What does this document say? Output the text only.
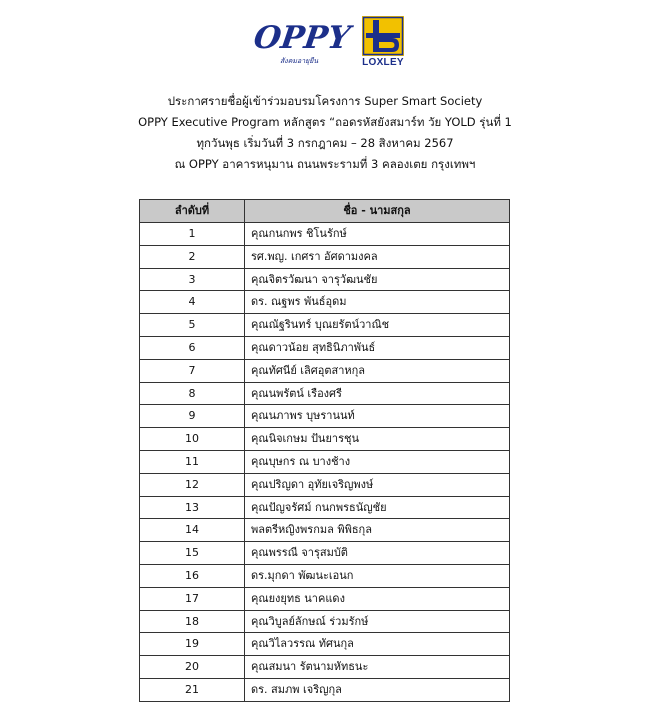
OPPY
สังคมอายุยืน	LOXLEY
ประกาศรายชื่อผู้เข้าร่วมอบรมโครงการ Super Smart Society
OPPY Executive Program หลักสูตร “ถอดรหัสยังสมาร์ท วัย YOLD รุ่นที่ 1
ทุกวันพุธ เริ่มวันที่ 3 กรกฎาคม – 28 สิงหาคม 2567
ณ OPPY อาคารหนุมาน ถนนพระรามที่ 3 คลองเตย กรุงเทพฯ
ลำดับที่	ชื่อ - นามสกุล
1	คุณกนกพร ชิโนรักษ์
2	รศ.พญ. เกศรา อัศดามงคล
3	คุณจิตรวัฒนา จารุวัฒนชัย
4	ดร. ณฐพร พันธ์อุดม
5	คุณณัฐรินทร์ บุณยรัตน์วาณิช
6	คุณดาวน้อย สุทธินิภาพันธ์
7	คุณทัศนีย์ เลิศอุตสาหกุล
8	คุณนพรัตน์ เรืองศรี
9	คุณนภาพร บุษรานนท์
10	คุณนิจเกษม ปันยารชุน
11	คุณบุษกร ณ บางช้าง
12	คุณปริญดา อุทัยเจริญพงษ์
13	คุณปัญจรัศม์ กนกพรธนัญชัย
14	พลตรีหญิงพรกมล พิพิธกุล
15	คุณพรรณี จารุสมบัติ
16	ดร.มุกดา พัฒนะเอนก
17	คุณยงยุทธ นาคแดง
18	คุณวิบูลย์ลักษณ์ ร่วมรักษ์
19	คุณวิไลวรรณ ทัศนกุล
20	คุณสมนา รัตนามหัทธนะ
21	ดร. สมภพ เจริญกุล
